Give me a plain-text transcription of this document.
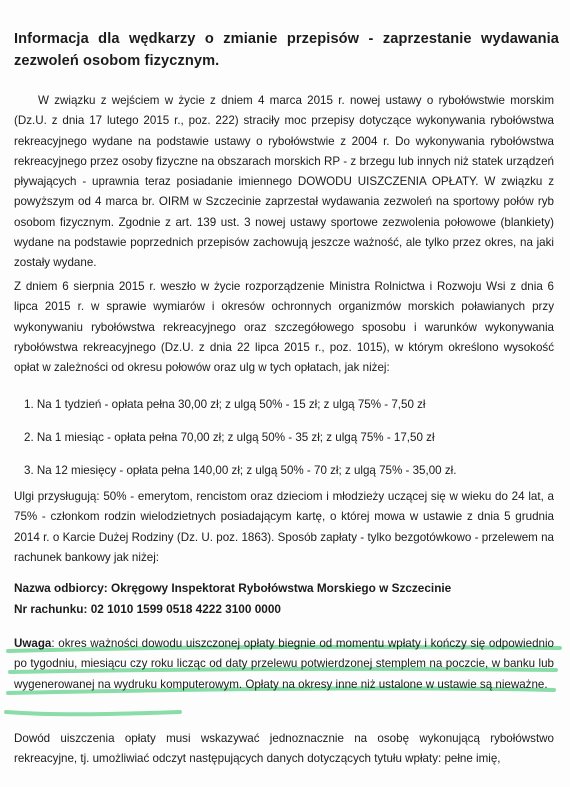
Informacja dla wędkarzy o zmianie przepisów - zaprzestanie wydawania zezwoleń osobom fizycznym.
W związku z wejściem w życie z dniem 4 marca 2015 r. nowej ustawy o rybołówstwie morskim (Dz.U. z dnia 17 lutego 2015 r., poz. 222) straciły moc przepisy dotyczące wykonywania rybołówstwa rekreacyjnego wydane na podstawie ustawy o rybołówstwie z 2004 r. Do wykonywania rybołówstwa rekreacyjnego przez osoby fizyczne na obszarach morskich RP - z brzegu lub innych niż statek urządzeń pływających - uprawnia teraz posiadanie imiennego DOWODU UISZCZENIA OPŁATY. W związku z powyższym od 4 marca br. OIRM w Szczecinie zaprzestał wydawania zezwoleń na sportowy połów ryb osobom fizycznym. Zgodnie z art. 139 ust. 3 nowej ustawy sportowe zezwolenia połowowe (blankiety) wydane na podstawie poprzednich przepisów zachowują jeszcze ważność, ale tylko przez okres, na jaki zostały wydane.
Z dniem 6 sierpnia 2015 r. weszło w życie rozporządzenie Ministra Rolnictwa i Rozwoju Wsi z dnia 6 lipca 2015 r. w sprawie wymiarów i okresów ochronnych organizmów morskich poławianych przy wykonywaniu rybołówstwa rekreacyjnego oraz szczegółowego sposobu i warunków wykonywania rybołówstwa rekreacyjnego (Dz.U. z dnia 22 lipca 2015 r., poz. 1015), w którym określono wysokość opłat w zależności od okresu połowów oraz ulg w tych opłatach, jak niżej:
1. Na 1 tydzień - opłata pełna 30,00 zł; z ulgą 50% - 15 zł; z ulgą 75% - 7,50 zł
2. Na 1 miesiąc - opłata pełna 70,00 zł; z ulgą 50% - 35 zł; z ulgą 75% - 17,50 zł
3. Na 12 miesięcy - opłata pełna 140,00 zł; z ulgą 50% - 70 zł; z ulgą 75% - 35,00 zł.
Ulgi przysługują: 50% - emerytom, rencistom oraz dzieciom i młodzieży uczącej się w wieku do 24 lat, a 75% - członkom rodzin wielodzietnych posiadającym kartę, o której mowa w ustawie z dnia 5 grudnia 2014 r. o Karcie Dużej Rodziny (Dz. U. poz. 1863). Sposób zapłaty - tylko bezgotówkowo - przelewem na rachunek bankowy jak niżej:
Nazwa odbiorcy: Okręgowy Inspektorat Rybołówstwa Morskiego w Szczecinie
Nr rachunku: 02 1010 1599 0518 4222 3100 0000
Uwaga: okres ważności dowodu uiszczonej opłaty biegnie od momentu wpłaty i kończy się odpowiednio po tygodniu, miesiącu czy roku licząc od daty przelewu potwierdzonej stemplem na poczcie, w banku lub wygenerowanej na wydruku komputerowym. Opłaty na okresy inne niż ustalone w ustawie są nieważne.
Dowód uiszczenia opłaty musi wskazywać jednoznacznie na osobę wykonującą rybołówstwo rekreacyjne, tj. umożliwiać odczyt następujących danych dotyczących tytułu wpłaty: pełne imię,
